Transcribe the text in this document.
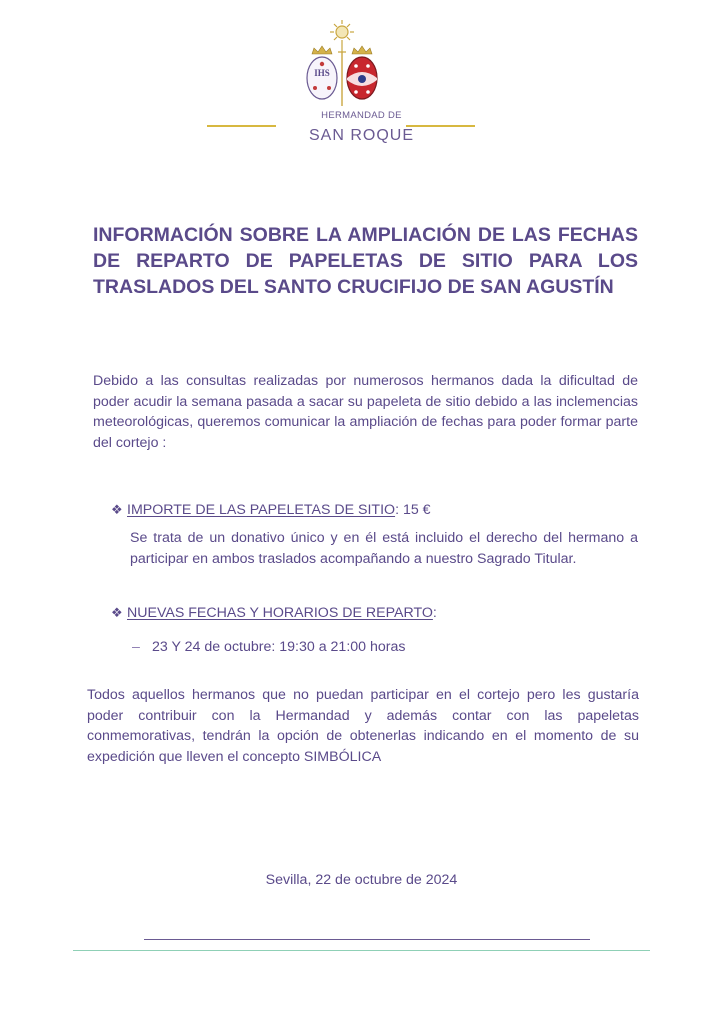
IHS
HERMANDAD DE
SAN ROQUE
INFORMACIÓN SOBRE LA AMPLIACIÓN DE LAS FECHAS DE REPARTO DE PAPELETAS DE SITIO PARA LOS TRASLADOS DEL SANTO CRUCIFIJO DE SAN AGUSTÍN
Debido a las consultas realizadas por numerosos hermanos dada la dificultad de poder acudir la semana pasada a sacar su papeleta de sitio debido a las inclemencias meteorológicas, queremos comunicar la ampliación de fechas para poder formar parte del cortejo :
❖ IMPORTE DE LAS PAPELETAS DE SITIO: 15 €
Se trata de un donativo único y en él está incluido el derecho del hermano a participar en ambos traslados acompañando a nuestro Sagrado Titular.
❖ NUEVAS FECHAS Y HORARIOS DE REPARTO:
– 23 Y 24 de octubre: 19:30 a 21:00 horas
Todos aquellos hermanos que no puedan participar en el cortejo pero les gustaría poder contribuir con la Hermandad y además contar con las papeletas conmemorativas, tendrán la opción de obtenerlas indicando en el momento de su expedición que lleven el concepto SIMBÓLICA
Sevilla, 22 de octubre de 2024
